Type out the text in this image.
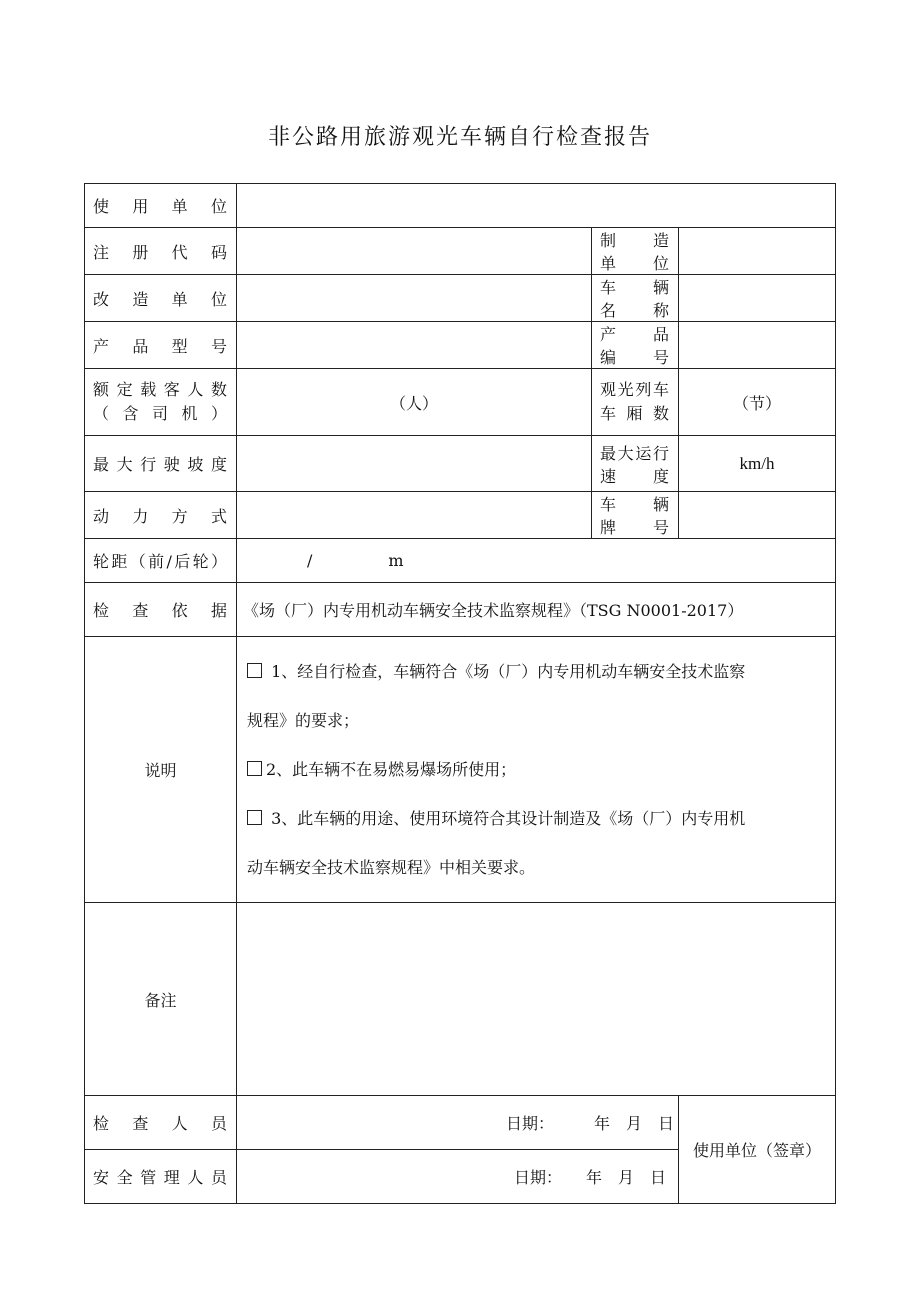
非公路用旅游观光车辆自行检查报告
使　用　单　位			
注　册　代　码		制　造　单　位	
改　造　单　位		车　辆　名　称	
产　品　型　号		产　品　编　号	
额定载客人数（含司机）	（人）	观光列车车厢数	（节）
最大行驶坡度		最大运行速度	km/h
动　力　方　式		车　辆　牌　号	
轮距（前/后轮）	/ m		
检　查　依　据	《场（厂）内专用机动车辆安全技术监察规程》（TSG N0001-2017）		
说明	1、经自行检查，车辆符合《场（厂）内专用机动车辆安全技术监察

规程》的要求；

2、此车辆不在易燃易爆场所使用；

3、此车辆的用途、使用环境符合其设计制造及《场（厂）内专用机

动车辆安全技术监察规程》中相关要求。		

备注			
检　查　人　员	日期：　　　年　月　日		使用单位（签章）
安全管理人员	日期：　　年　月　日		
